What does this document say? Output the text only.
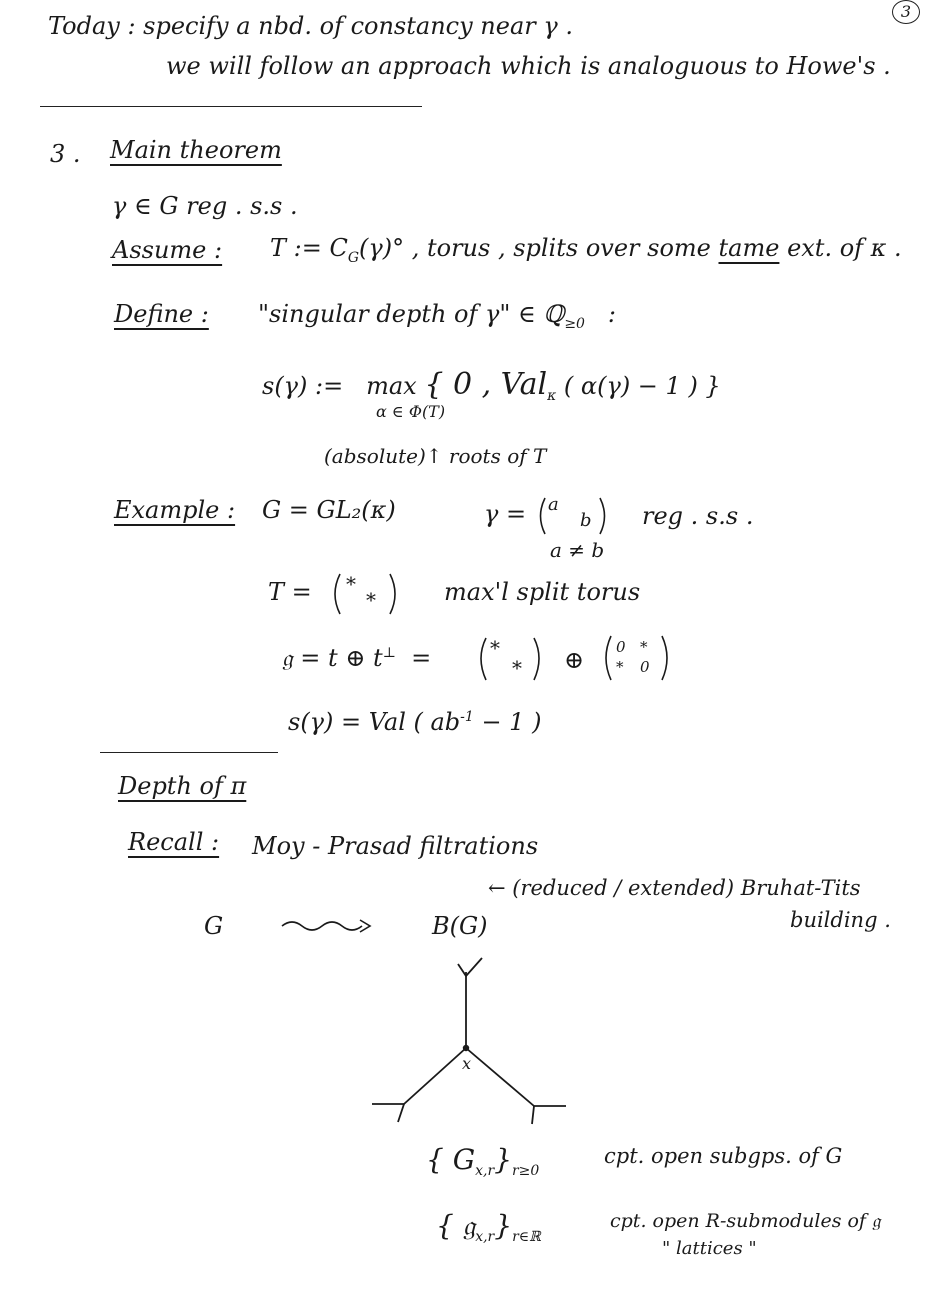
3
Today : specify a nbd. of constancy near γ .
we will follow an approach which is analoguous to Howe's .
3 . Main theorem
γ ∈ G reg . s.s .
Assume : T := $C_G(\gamma)^\circ$ , torus , splits over some tame ext. of κ .
Define : "singular depth of γ" ∈ ℚ$_{\ge 0}$ :
s(γ) := max { 0 , Val$_\kappa$ ( α(γ) − 1 ) }
α ∈ Φ(T)
(absolute)↑ roots of T
Example : G = GL₂(κ)	γ = a
b reg . s.s .
a ≠ b
T = *
*	max'l split torus
𝔤 = t ⊕ t⊥ =	*
* ⊕ 0 *
* 0
s(γ) = Val ( $ab^{-1} - 1$ )
Depth of π
Recall : Moy - Prasad filtrations
G	B(G)
← (reduced / extended) Bruhat-Tits
building .
x
{ $G_{x,r}\}_{r\ge 0}$
cpt. open subgps. of G
{ $𝔤_{x,r}\}_{r\in ℝ}$
cpt. open R-submodules of 𝔤
" lattices "
